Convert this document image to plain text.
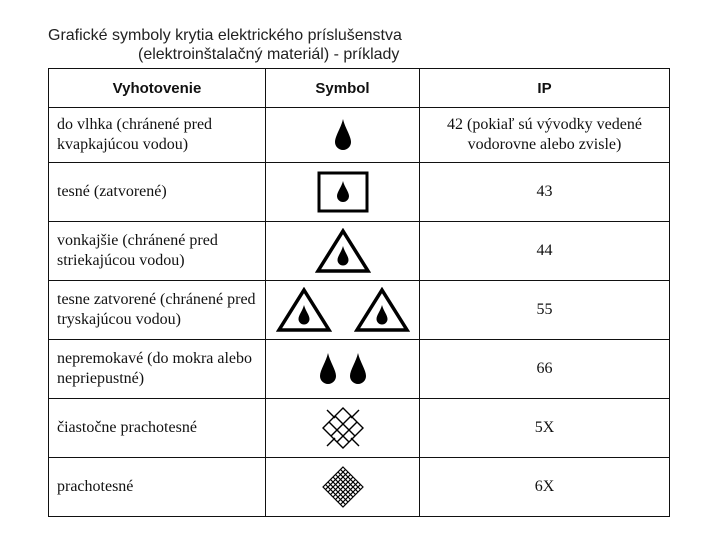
Grafické symboly krytia elektrického príslušenstva
(elektroinštalačný materiál) - príklady
Vyhotovenie	Symbol	IP

do vlhka (chránené pred kvapkajúcou vodou)		42 (pokiaľ sú vývodky vedené
vodorovne alebo zvisle)

tesné (zatvorené)		43

vonkajšie (chránené pred striekajúcou vodou)		44

tesne zatvorené (chránené pred tryskajúcou vodou)		55

nepremokavé (do mokra alebo nepriepustné)		66

čiastočne prachotesné		5X

prachotesné		6X
